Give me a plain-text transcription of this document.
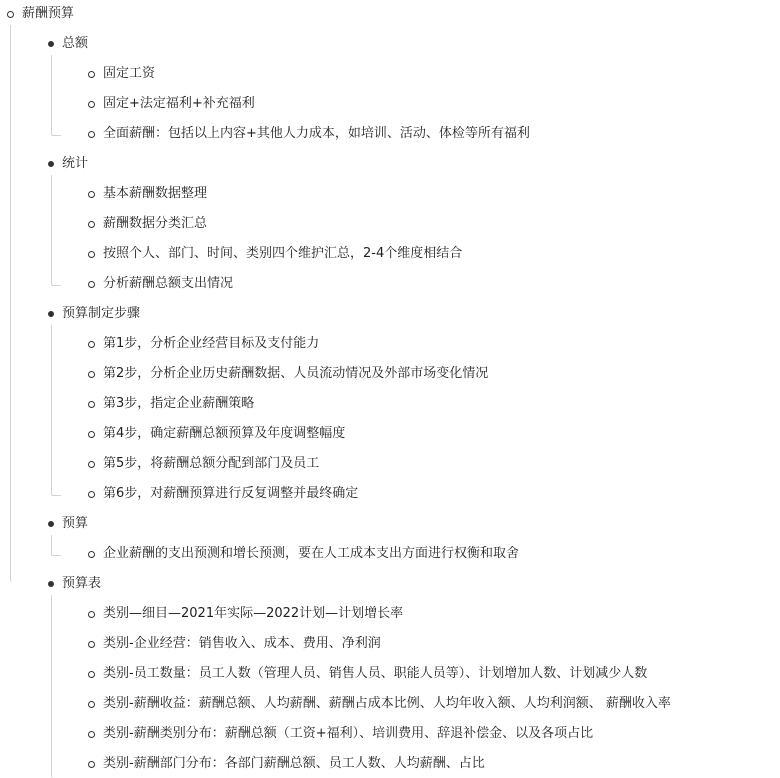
薪酬预算
总额
固定工资
固定+法定福利+补充福利
全面薪酬：包括以上内容+其他人力成本，如培训、活动、体检等所有福利
统计
基本薪酬数据整理
薪酬数据分类汇总
按照个人、部门、时间、类别四个维护汇总，2-4个维度相结合
分析薪酬总额支出情况
预算制定步骤
第1步，分析企业经营目标及支付能力
第2步，分析企业历史薪酬数据、人员流动情况及外部市场变化情况
第3步，指定企业薪酬策略
第4步，确定薪酬总额预算及年度调整幅度
第5步，将薪酬总额分配到部门及员工
第6步，对薪酬预算进行反复调整并最终确定
预算
企业薪酬的支出预测和增长预测，要在人工成本支出方面进行权衡和取舍
预算表
类别—细目—2021年实际—2022计划—计划增长率
类别-企业经营：销售收入、成本、费用、净利润
类别-员工数量：员工人数（管理人员、销售人员、职能人员等）、计划增加人数、计划减少人数
类别-薪酬收益：薪酬总额、人均薪酬、薪酬占成本比例、人均年收入额、人均利润额、 薪酬收入率
类别-薪酬类别分布：薪酬总额（工资+福利）、培训费用、辞退补偿金、以及各项占比
类别-薪酬部门分布：各部门薪酬总额、员工人数、人均薪酬、占比
